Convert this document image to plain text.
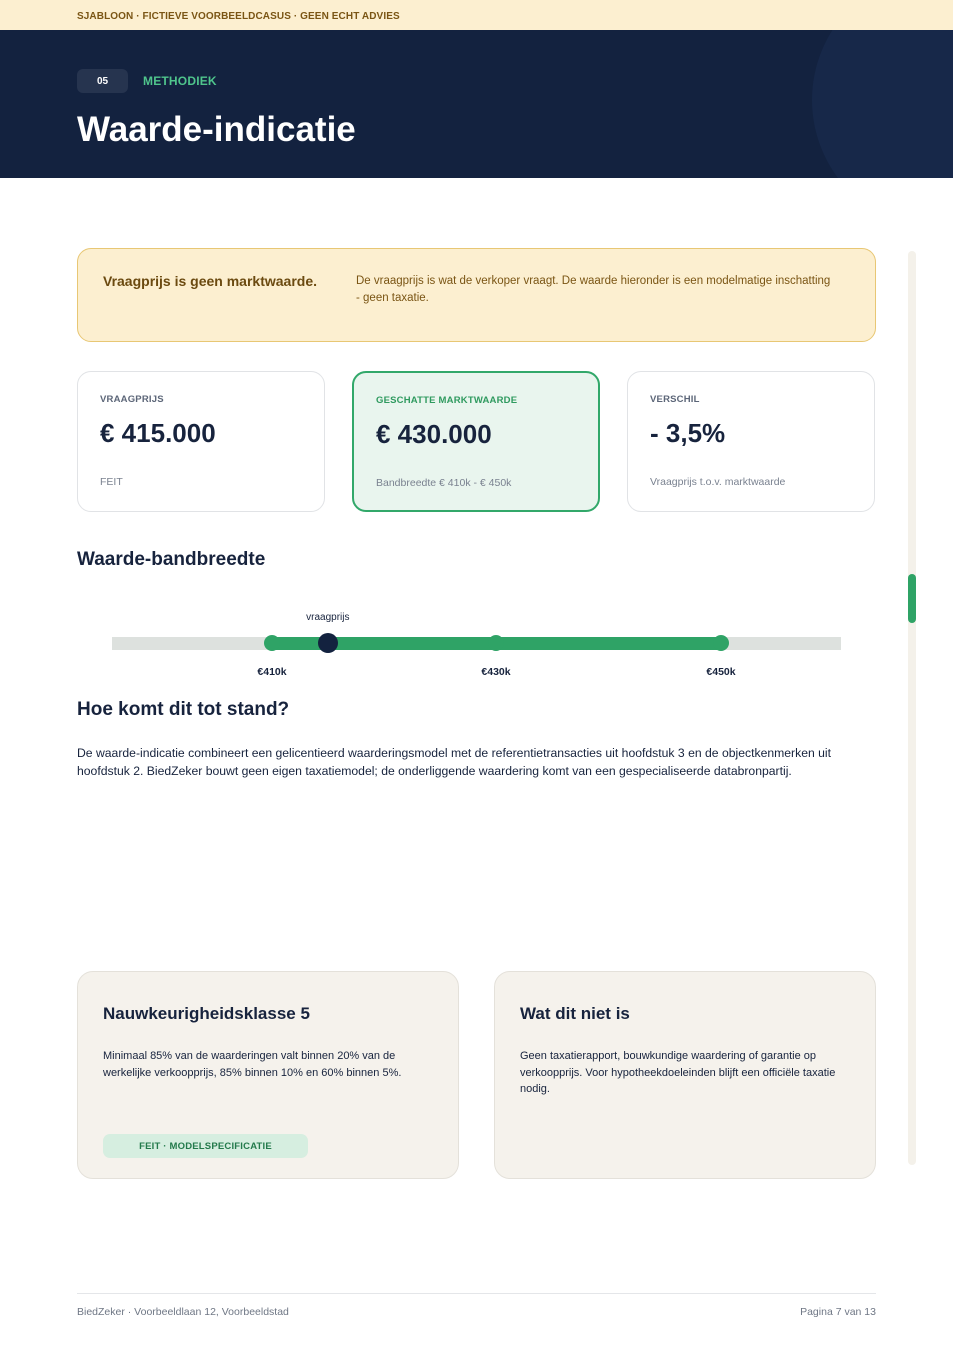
SJABLOON · FICTIEVE VOORBEELDCASUS · GEEN ECHT ADVIES
05	METHODIEK
Waarde-indicatie
Vraagprijs is geen marktwaarde.	De vraagprijs is wat de verkoper vraagt. De waarde hieronder is een modelmatige inschatting - geen taxatie.
VRAAGPRIJS
€ 415.000
FEIT
GESCHATTE MARKTWAARDE
€ 430.000
Bandbreedte € 410k - € 450k
VERSCHIL
- 3,5%
Vraagprijs t.o.v. marktwaarde
Waarde-bandbreedte
vraagprijs
€410k	€430k	€450k
Hoe komt dit tot stand?

De waarde-indicatie combineert een gelicentieerd waarderingsmodel met de referentietransacties uit hoofdstuk 3 en de objectkenmerken uit hoofdstuk 2. BiedZeker bouwt geen eigen taxatiemodel; de onderliggende waardering komt van een gespecialiseerde databronpartij.

Nauwkeurigheidsklasse 5
Minimaal 85% van de waarderingen valt binnen 20% van de werkelijke verkoopprijs, 85% binnen 10% en 60% binnen 5%.
FEIT · MODELSPECIFICATIE
Wat dit niet is
Geen taxatierapport, bouwkundige waardering of garantie op verkoopprijs. Voor hypotheekdoeleinden blijft een officiële taxatie nodig.
BiedZeker · Voorbeeldlaan 12, Voorbeeldstad	Pagina 7 van 13
